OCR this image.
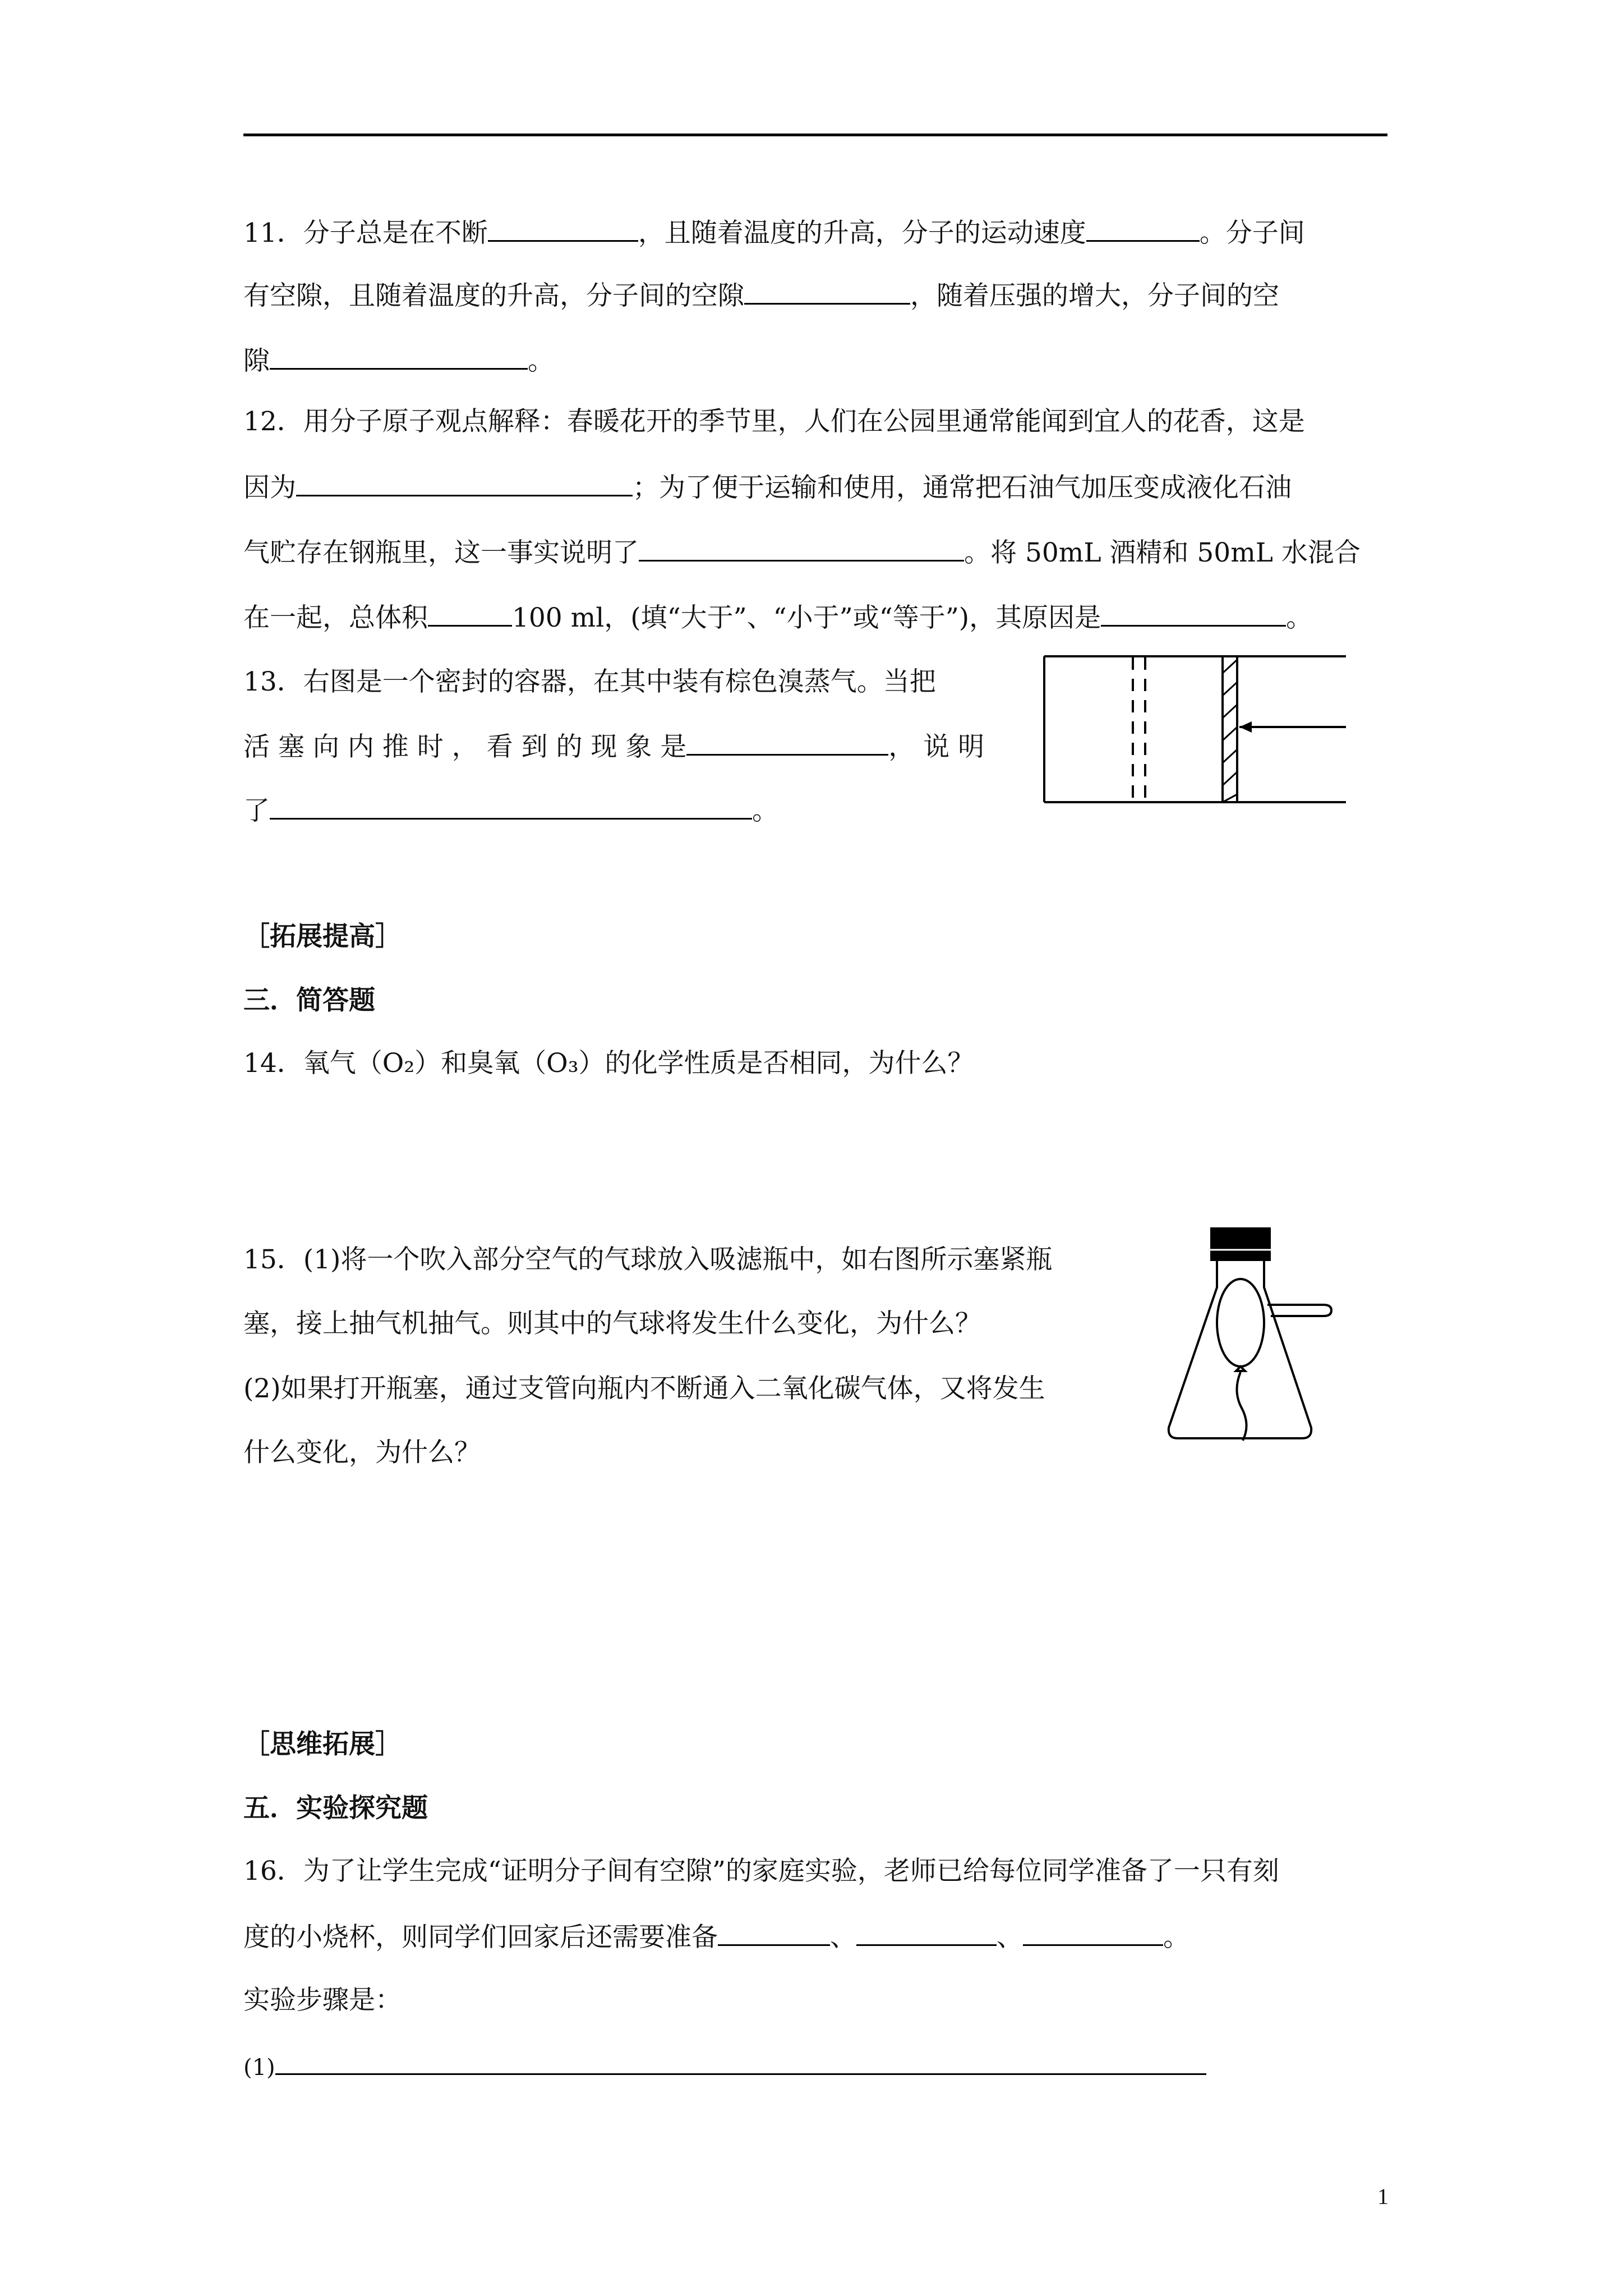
11．分子总是在不断	，且随着温度的升高，分子的运动速度	。分子间
有空隙，且随着温度的升高，分子间的空隙	，随着压强的增大，分子间的空
隙	。
12．用分子原子观点解释：春暖花开的季节里，人们在公园里通常能闻到宜人的花香，这是
因为	；为了便于运输和使用，通常把石油气加压变成液化石油
气贮存在钢瓶里，这一事实说明了	。将 50mL 酒精和 50mL 水混合
在一起，总体积	100 ml，(填“大于”、“小于”或“等于”)，其原因是	。
13．右图是一个密封的容器，在其中装有棕色溴蒸气。当把
活 塞 向 内 推 时 ， 看 到 的 现 象 是	， 说 明
了	。
［拓展提高］
三．简答题
14．氧气（O₂）和臭氧（O₃）的化学性质是否相同，为什么？
15．(1)将一个吹入部分空气的气球放入吸滤瓶中，如右图所示塞紧瓶
塞，接上抽气机抽气。则其中的气球将发生什么变化，为什么？
(2)如果打开瓶塞，通过支管向瓶内不断通入二氧化碳气体，又将发生
什么变化，为什么？
［思维拓展］
五．实验探究题
16．为了让学生完成“证明分子间有空隙”的家庭实验，老师已给每位同学准备了一只有刻
度的小烧杯，则同学们回家后还需要准备	、	、	。
实验步骤是：
(1)
1
